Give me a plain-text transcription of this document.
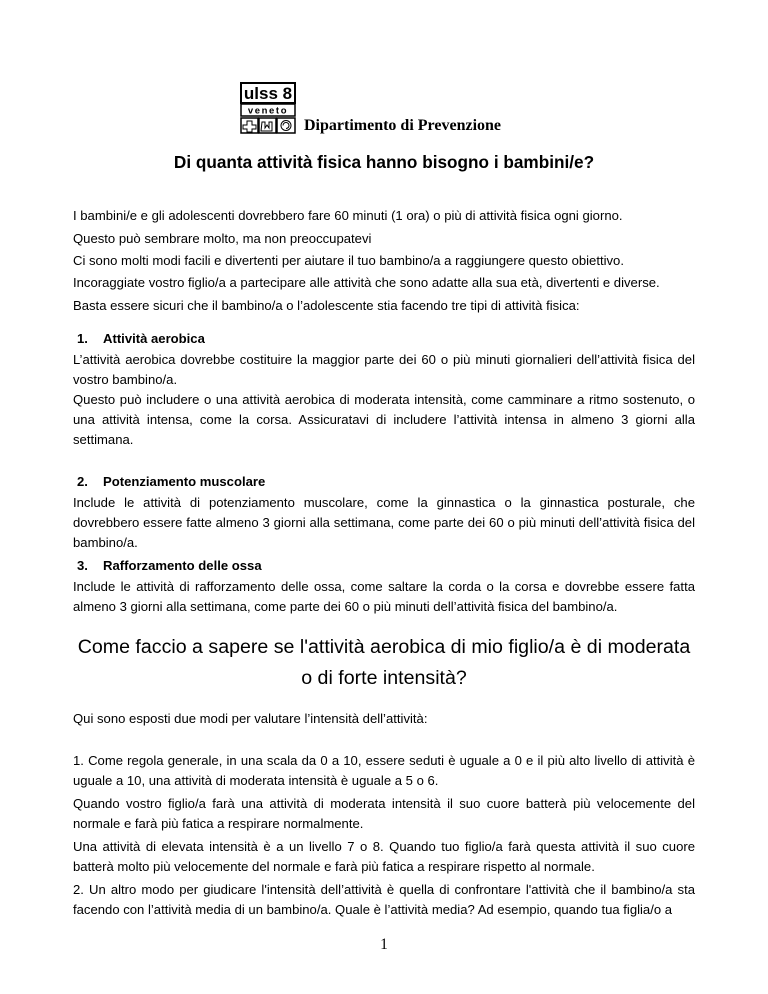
ulss 8
veneto
Dipartimento di Prevenzione
Di quanta attività fisica hanno bisogno i bambini/e?

I bambini/e e gli adolescenti dovrebbero fare 60 minuti (1 ora) o più di attività fisica ogni giorno.

Questo può sembrare molto, ma non preoccupatevi

Ci sono molti modi facili e divertenti per aiutare il tuo bambino/a a raggiungere questo obiettivo.

Incoraggiate vostro figlio/a a partecipare alle attività che sono adatte alla sua età, divertenti e diverse.

Basta essere sicuri che il bambino/a o l’adolescente stia facendo tre tipi di attività fisica:

1. Attività aerobica

L’attività aerobica dovrebbe costituire la maggior parte dei 60 o più minuti giornalieri dell’attività fisica del vostro bambino/a.

Questo può includere o una attività aerobica di moderata intensità, come camminare a ritmo sostenuto, o una attività intensa, come la corsa. Assicuratavi di includere l’attività intensa in almeno 3 giorni alla settimana.

2. Potenziamento muscolare

Include le attività di potenziamento muscolare, come la ginnastica o la ginnastica posturale, che dovrebbero essere fatte almeno 3 giorni alla settimana, come parte dei 60 o più minuti dell’attività fisica del bambino/a.

3. Rafforzamento delle ossa

Include le attività di rafforzamento delle ossa, come saltare la corda o la corsa e dovrebbe essere fatta almeno 3 giorni alla settimana, come parte dei 60 o più minuti dell’attività fisica del bambino/a.

Come faccio a sapere se l'attività aerobica di mio figlio/a è di moderata o di forte intensità?

Qui sono esposti due modi per valutare l’intensità dell’attività:

1. Come regola generale, in una scala da 0 a 10, essere seduti è uguale a 0 e il più alto livello di attività è uguale a 10, una attività di moderata intensità è uguale a 5 o 6.

Quando vostro figlio/a farà una attività di moderata intensità il suo cuore batterà più velocemente del normale e farà più fatica a respirare normalmente.

Una attività di elevata intensità è a un livello 7 o 8. Quando tuo figlio/a farà questa attività il suo cuore batterà molto più velocemente del normale e farà più fatica a respirare rispetto al normale.

2. Un altro modo per giudicare l'intensità dell’attività è quella di confrontare l'attività che il bambino/a sta facendo con l’attività media di un bambino/a. Quale è l’attività media? Ad esempio, quando tua figlia/o a

1
